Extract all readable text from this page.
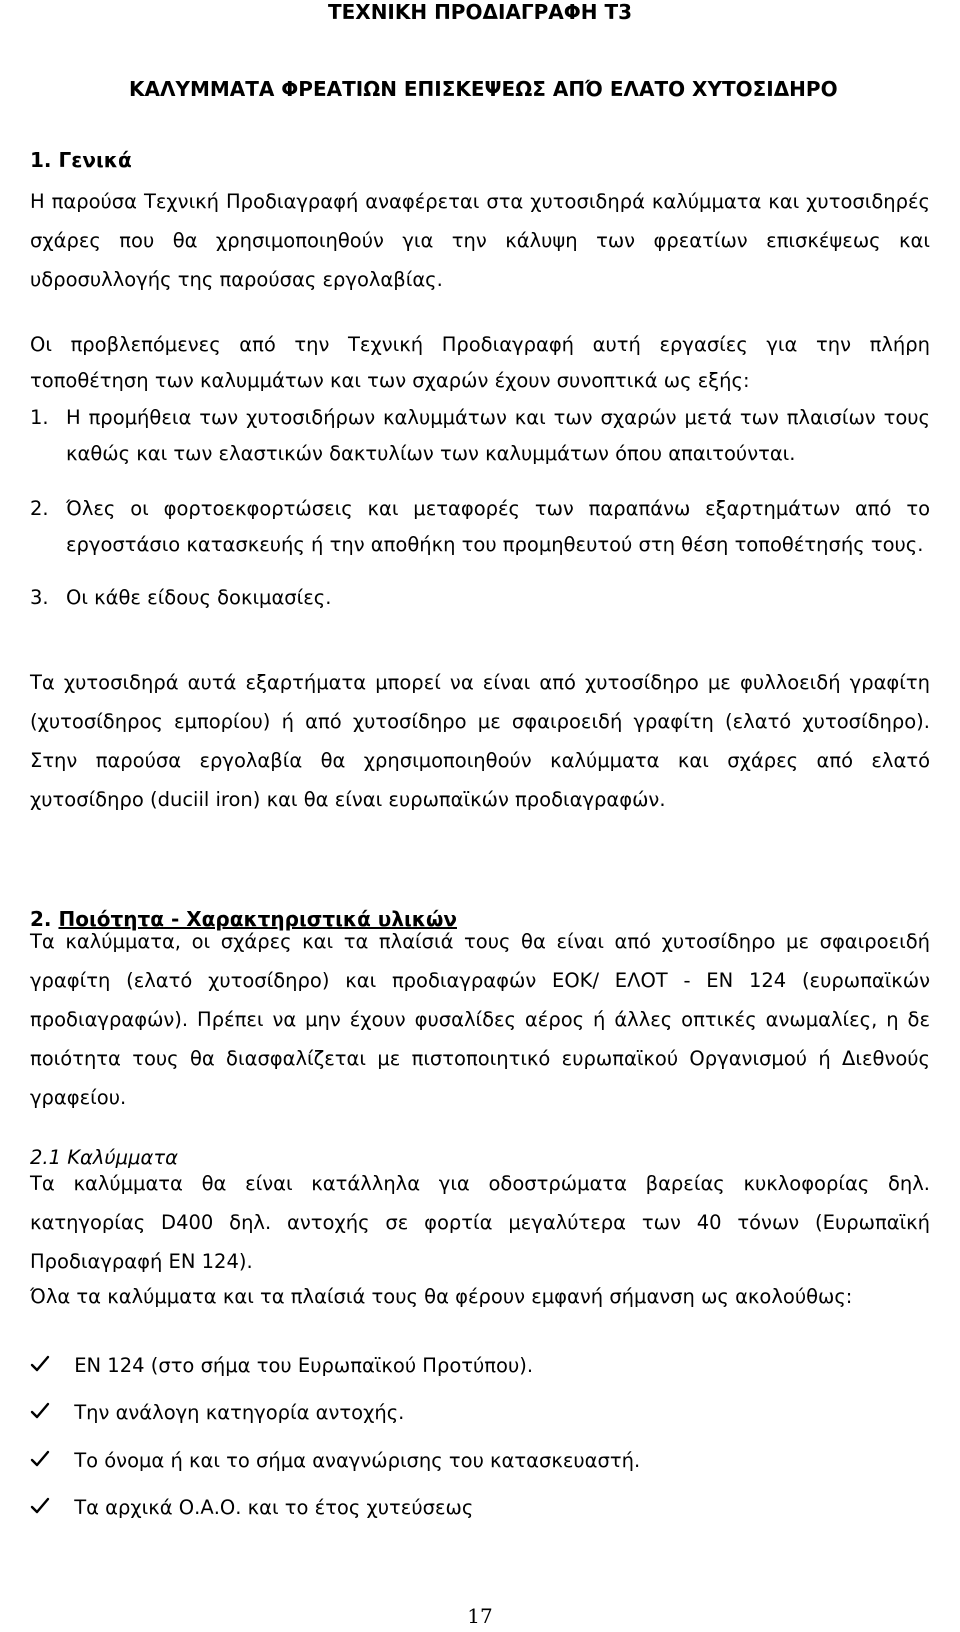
ΤΕΧΝΙΚΗ ΠΡΟΔΙΑΓΡΑΦΗ Τ3
ΚΑΛΥΜΜΑΤΑ ΦΡΕΑΤΙΩΝ ΕΠΙΣΚΕΨΕΩΣ ΑΠΌ ΕΛΑΤΟ ΧΥΤΟΣΙΔΗΡΟ
1. Γενικά

Η παρούσα Τεχνική Προδιαγραφή αναφέρεται στα χυτοσιδηρά καλύμματα και χυτοσιδηρές σχάρες που θα χρησιμοποιηθούν για την κάλυψη των φρεατίων επισκέψεως και υδροσυλλογής της παρούσας εργολαβίας.

Οι προβλεπόμενες από την Τεχνική Προδιαγραφή αυτή εργασίες για την πλήρη τοποθέτηση των καλυμμάτων και των σχαρών έχουν συνοπτικά ως εξής:

1. Η προμήθεια των χυτοσιδήρων καλυμμάτων και των σχαρών μετά των πλαισίων τους καθώς και των ελαστικών δακτυλίων των καλυμμάτων όπου απαιτούνται.
2. Όλες οι φορτοεκφορτώσεις και μεταφορές των παραπάνω εξαρτημάτων από το εργοστάσιο κατασκευής ή την αποθήκη του προμηθευτού στη θέση τοποθέτησής τους.
3. Οι κάθε είδους δοκιμασίες.

Τα χυτοσιδηρά αυτά εξαρτήματα μπορεί να είναι από χυτοσίδηρο με φυλλοειδή γραφίτη (χυτοσίδηρος εμπορίου) ή από χυτοσίδηρο με σφαιροειδή γραφίτη (ελατό χυτοσίδηρο). Στην παρούσα εργολαβία θα χρησιμοποιηθούν καλύμματα και σχάρες από ελατό χυτοσίδηρο (duciil iron) και θα είναι ευρωπαϊκών προδιαγραφών.

2. Ποιότητα - Χαρακτηριστικά υλικών

Τα καλύμματα, οι σχάρες και τα πλαίσιά τους θα είναι από χυτοσίδηρο με σφαιροειδή γραφίτη (ελατό χυτοσίδηρο) και προδιαγραφών ΕΟΚ/ ΕΛΟΤ - ΕΝ 124 (ευρωπαϊκών προδιαγραφών). Πρέπει να μην έχουν φυσαλίδες αέρος ή άλλες οπτικές ανωμαλίες, η δε ποιότητα τους θα διασφαλίζεται με πιστοποιητικό ευρωπαϊκού Οργανισμού ή Διεθνούς γραφείου.

2.1 Καλύμματα

Τα καλύμματα θα είναι κατάλληλα για οδοστρώματα βαρείας κυκλοφορίας δηλ. κατηγορίας D400 δηλ. αντοχής σε φορτία μεγαλύτερα των 40 τόνων (Ευρωπαϊκή Προδιαγραφή ΕΝ 124).

Όλα τα καλύμματα και τα πλαίσιά τους θα φέρουν εμφανή σήμανση ως ακολούθως:

ΕΝ 124 (στο σήμα του Ευρωπαϊκού Προτύπου).
Την ανάλογη κατηγορία αντοχής.
Το όνομα ή και το σήμα αναγνώρισης του κατασκευαστή.
Τα αρχικά Ο.Α.Ο. και το έτος χυτεύσεως
17
